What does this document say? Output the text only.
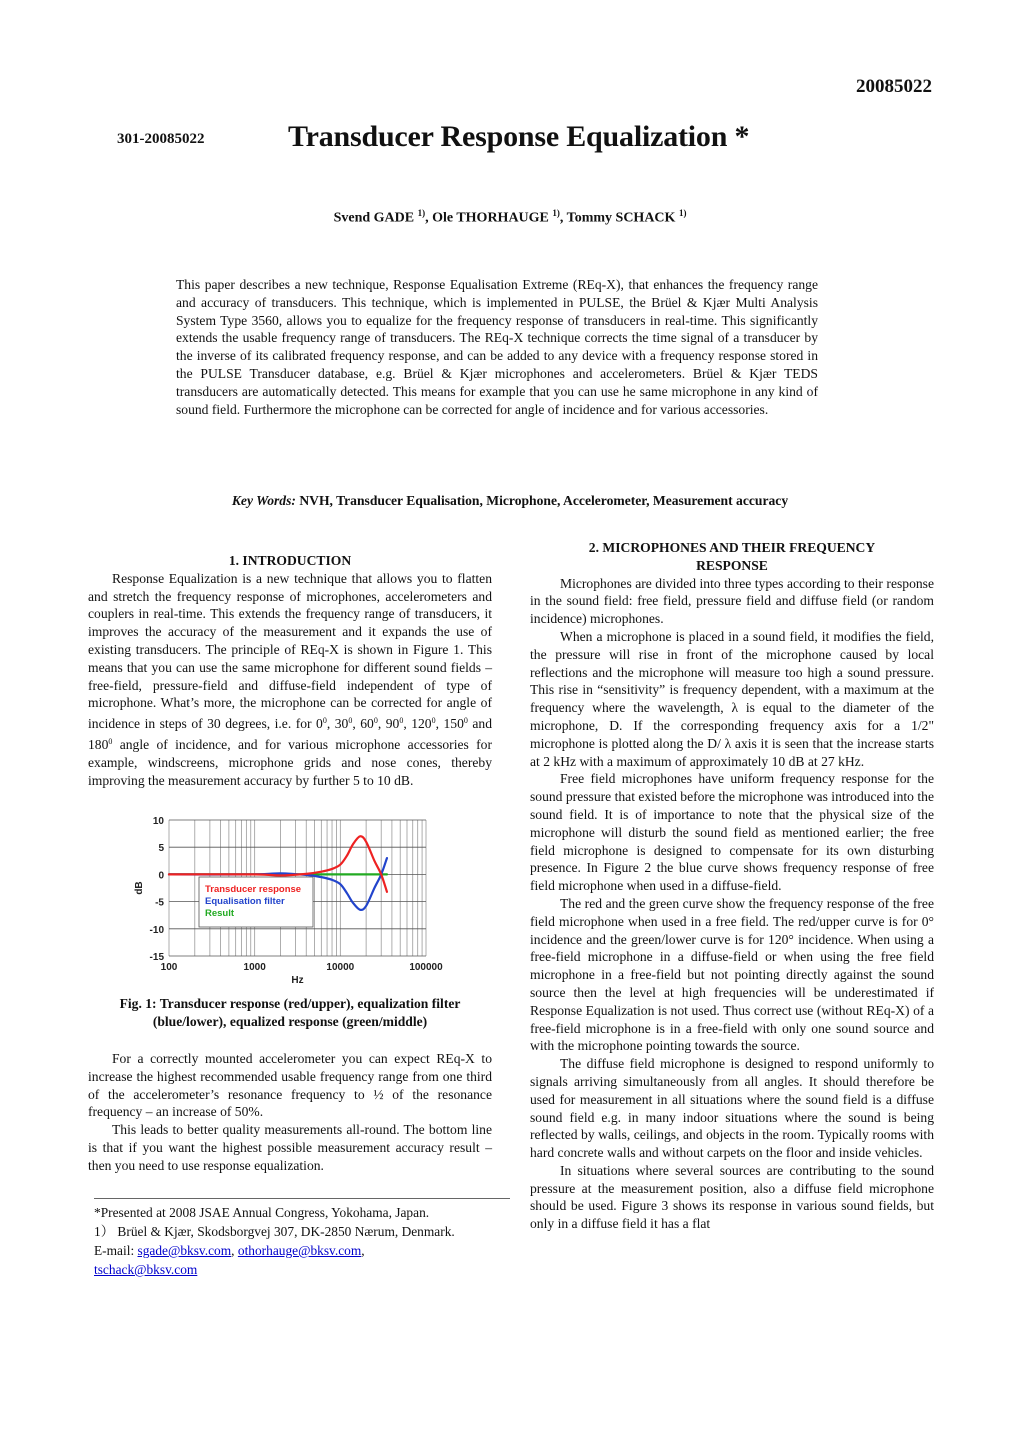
20085022
301-20085022	Transducer Response Equalization *
Svend GADE $^{1)}$, Ole THORHAUGE $^{1)}$, Tommy SCHACK $^{1)}$
This paper describes a new technique, Response Equalisation Extreme (REq-X), that enhances the frequency range and accuracy of transducers. This technique, which is implemented in PULSE, the Brüel & Kjær Multi Analysis System Type 3560, allows you to equalize for the frequency response of transducers in real-time. This significantly extends the usable frequency range of transducers. The REq-X technique corrects the time signal of a transducer by the inverse of its calibrated frequency response, and can be added to any device with a frequency response stored in the PULSE Transducer database, e.g. Brüel & Kjær microphones and accelerometers. Brüel & Kjær TEDS transducers are automatically detected. This means for example that you can use he same microphone in any kind of sound field. Furthermore the microphone can be corrected for angle of incidence and for various accessories.
Key Words: NVH, Transducer Equalisation, Microphone, Accelerometer, Measurement accuracy

1. INTRODUCTION

Response Equalization is a new technique that allows you to flatten and stretch the frequency response of microphones, accelerometers and couplers in real-time. This extends the frequency range of transducers, it improves the accuracy of the measurement and it expands the use of existing transducers. The principle of REq-X is shown in Figure 1. This means that you can use the same microphone for different sound fields – free-field, pressure-field and diffuse-field independent of type of microphone. What’s more, the microphone can be corrected for angle of incidence in steps of 30 degrees, i.e. for $0^0$, $30^0$, $60^0$, $90^0$, $120^0$, $150^0$ and $180^0$ angle of incidence, and for various microphone accessories for example, windscreens, microphone grids and nose cones, thereby improving the measurement accuracy by further 5 to 10 dB.

10
5
0
-5
-10
-15
100	1000	10000	100000
Hz
dB	Transducer response
Equalisation filter
Result
Fig. 1: Transducer response (red/upper), equalization filter (blue/lower), equalized response (green/middle)

For a correctly mounted accelerometer you can expect REq-X to increase the highest recommended usable frequency range from one third of the accelerometer’s resonance frequency to ½ of the resonance frequency – an increase of 50%.

This leads to better quality measurements all-round. The bottom line is that if you want the highest possible measurement accuracy result – then you need to use response equalization.

*Presented at 2008 JSAE Annual Congress, Yokohama, Japan.

1） Brüel & Kjær, Skodsborgvej 307, DK-2850 Nærum, Denmark.

E-mail: sgade@bksv.com, othorhauge@bksv.com,
tschack@bksv.com

2. MICROPHONES AND THEIR FREQUENCY

RESPONSE

Microphones are divided into three types according to their response in the sound field: free field, pressure field and diffuse field (or random incidence) microphones.

When a microphone is placed in a sound field, it modifies the field, the pressure will rise in front of the microphone caused by local reflections and the microphone will measure too high a sound pressure. This rise in “sensitivity” is frequency dependent, with a maximum at the frequency where the wavelength, λ is equal to the diameter of the microphone, D. If the corresponding frequency axis for a 1/2" microphone is plotted along the D/ λ axis it is seen that the increase starts at 2 kHz with a maximum of approximately 10 dB at 27 kHz.

Free field microphones have uniform frequency response for the sound pressure that existed before the microphone was introduced into the sound field. It is of importance to note that the physical size of the microphone will disturb the sound field as mentioned earlier; the free field microphone is designed to compensate for its own disturbing presence. In Figure 2 the blue curve shows frequency response of free field microphone when used in a diffuse-field.

The red and the green curve show the frequency response of the free field microphone when used in a free field. The red/upper curve is for 0° incidence and the green/lower curve is for 120° incidence. When using a free-field microphone in a diffuse-field or when using the free field microphone in a free-field but not pointing directly against the sound source then the level at high frequencies will be underestimated if Response Equalization is not used. Thus correct use (without REq-X) of a free-field microphone is in a free-field with only one sound source and with the microphone pointing towards the source.

The diffuse field microphone is designed to respond uniformly to signals arriving simultaneously from all angles. It should therefore be used for measurement in all situations where the sound field is a diffuse sound field e.g. in many indoor situations where the sound is being reflected by walls, ceilings, and objects in the room. Typically rooms with hard concrete walls and without carpets on the floor and inside vehicles.

In situations where several sources are contributing to the sound pressure at the measurement position, also a diffuse field microphone should be used. Figure 3 shows its response in various sound fields, but only in a diffuse field it has a flat
